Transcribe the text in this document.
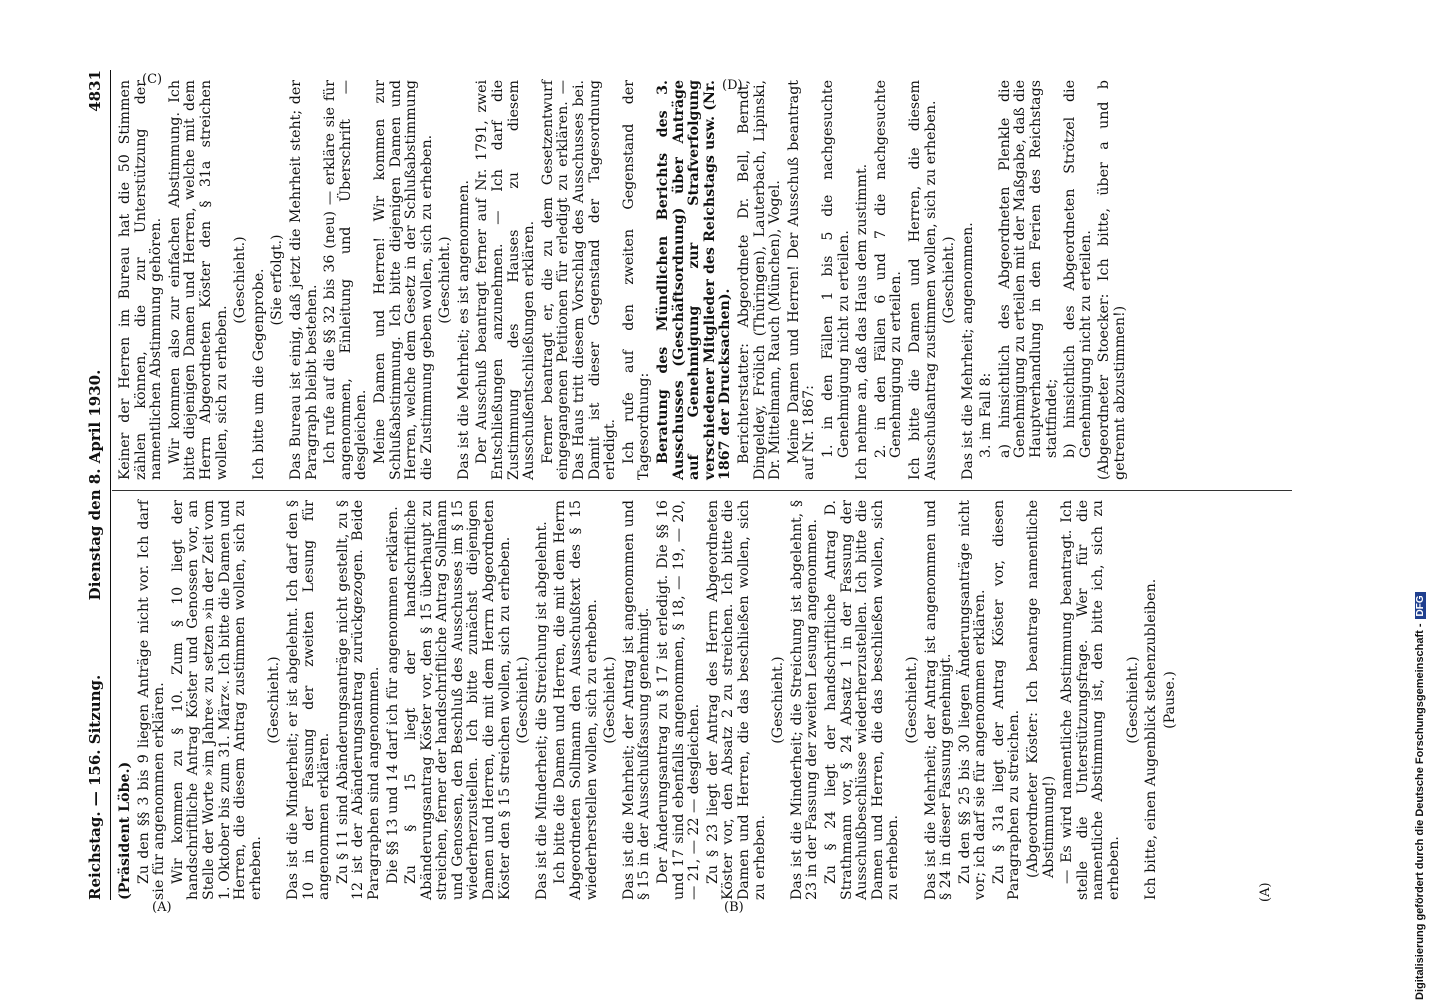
Reichstag. — 156. Sitzung.
Dienstag den 8. April 1930.
4831

(Präsident Löbe.) Zu den §§ 3 bis 9 liegen Anträge nicht vor. Ich darf sie für angenommen erklären. Wir kommen zu § 10. Zum § 10 liegt der handschriftliche Antrag Köster und Genossen vor, an Stelle der Worte »im Jahre« zu setzen »in der Zeit vom 1. Oktober bis zum 31. März«. Ich bitte die Damen und Herren, die diesem Antrag zustimmen wollen, sich zu erheben.

(Geschieht.) Das ist die Minderheit; er ist abgelehnt. Ich darf den § 10 in der Fassung der zweiten Lesung für angenommen erklären. Zu § 11 sind Abänderungsanträge nicht gestellt, zu § 12 ist der Abänderungsantrag zurückgezogen. Beide Paragraphen sind angenommen. Die §§ 13 und 14 darf ich für angenommen erklären. Zu § 15 liegt der handschriftliche Abänderungsantrag Köster vor, den § 15 überhaupt zu streichen, ferner der handschriftliche Antrag Sollmann und Genossen, den Beschluß des Ausschusses im § 15 wiederherzustellen. Ich bitte zunächst diejenigen Damen und Herren, die mit dem Herrn Abgeordneten Köster den § 15 streichen wollen, sich zu erheben. (Geschieht.) Das ist die Minderheit; die Streichung ist abgelehnt. Ich bitte die Damen und Herren, die mit dem Herrn Abgeordneten Sollmann den Ausschußtext des § 15 wiederherstellen wollen, sich zu erheben. (Geschieht.) Das ist die Mehrheit; der Antrag ist angenommen und § 15 in der Ausschußfassung genehmigt. Der Änderungsantrag zu § 17 ist erledigt. Die §§ 16 und 17 sind ebenfalls angenommen, § 18, — 19, — 20, — 21, — 22 — desgleichen. Zu § 23 liegt der Antrag des Herrn Abgeordneten Köster vor, den Absatz 2 zu streichen. Ich bitte die Damen und Herren, die das beschließen wollen, sich zu erheben.

(Geschieht.) Das ist die Minderheit; die Streichung ist abgelehnt, § 23 in der Fassung der zweiten Lesung angenommen. Zu § 24 liegt der handschriftliche Antrag D. Strathmann vor, § 24 Absatz 1 in der Fassung der Ausschußbeschlüsse wiederherzustellen. Ich bitte die Damen und Herren, die das beschließen wollen, sich zu erheben.

(Geschieht.) Das ist die Mehrheit; der Antrag ist angenommen und § 24 in dieser Fassung genehmigt. Zu den §§ 25 bis 30 liegen Änderungsanträge nicht vor; ich darf sie für angenommen erklären. Zu § 31a liegt der Antrag Köster vor, diesen Paragraphen zu streichen. (Abgeordneter Köster: Ich beantrage namentliche Abstimmung!) — Es wird namentliche Abstimmung beantragt. Ich stelle die Unterstützungsfrage. Wer für die namentliche Abstimmung ist, den bitte ich, sich zu erheben.

(Geschieht.) Ich bitte, einen Augenblick stehenzubleiben. (Pause.)

Keiner der Herren im Bureau hat die 50 Stimmen zählen können, die zur Unterstützung der namentlichen Abstimmung gehören. Wir kommen also zur einfachen Abstimmung. Ich bitte diejenigen Damen und Herren, welche mit dem Herrn Abgeordneten Köster den § 31a streichen wollen, sich zu erheben.

(Geschieht.) Ich bitte um die Gegenprobe. (Sie erfolgt.) Das Bureau ist einig, daß jetzt die Mehrheit steht; der Paragraph bleibt bestehen. Ich rufe auf die §§ 32 bis 36 (neu) — erkläre sie für angenommen, Einleitung und Überschrift — desgleichen. Meine Damen und Herren! Wir kommen zur Schlußabstimmung. Ich bitte diejenigen Damen und Herren, welche dem Gesetz in der Schlußabstimmung die Zustimmung geben wollen, sich zu erheben. (Geschieht.) Das ist die Mehrheit; es ist angenommen. Der Ausschuß beantragt ferner auf Nr. 1791, zwei Entschließungen anzunehmen. — Ich darf die Zustimmung des Hauses zu diesem Ausschußentschließungen erklären. Ferner beantragt er, die zu dem Gesetzentwurf eingegangenen Petitionen für erledigt zu erklären. — Das Haus tritt diesem Vorschlag des Ausschusses bei. Damit ist dieser Gegenstand der Tagesordnung erledigt. Ich rufe auf den zweiten Gegenstand der Tagesordnung: Beratung des Mündlichen Berichts des 3. Ausschusses (Geschäftsordnung) über Anträge auf Genehmigung zur Strafverfolgung verschiedener Mitglieder des Reichstags usw. (Nr. 1867 der Drucksachen). Berichterstatter: Abgeordnete Dr. Bell, Berndt, Dingeldey, Frölich (Thüringen), Lauterbach, Lipinski, Dr. Mittelmann, Rauch (München), Vogel. Meine Damen und Herren! Der Ausschuß beantragt auf Nr. 1867: 1. in den Fällen 1 bis 5 die nachgesuchte Genehmigung nicht zu erteilen. Ich nehme an, daß das Haus dem zustimmt. 2. in den Fällen 6 und 7 die nachgesuchte Genehmigung zu erteilen. Ich bitte die Damen und Herren, die diesem Ausschußantrag zustimmen wollen, sich zu erheben. (Geschieht.) Das ist die Mehrheit; angenommen. 3. im Fall 8: a) hinsichtlich des Abgeordneten Plenkle die Genehmigung zu erteilen mit der Maßgabe, daß die Hauptverhandlung in den Ferien des Reichstags stattfindet; b) hinsichtlich des Abgeordneten Strötzel die Genehmigung nicht zu erteilen. (Abgeordneter Stoecker: Ich bitte, über a und b getrennt abzustimmen!)

(A)
(A)	(B)
(C)	(D)
Digitalisierung gefördert durch die Deutsche Forschungsgemeinschaft -DFG
